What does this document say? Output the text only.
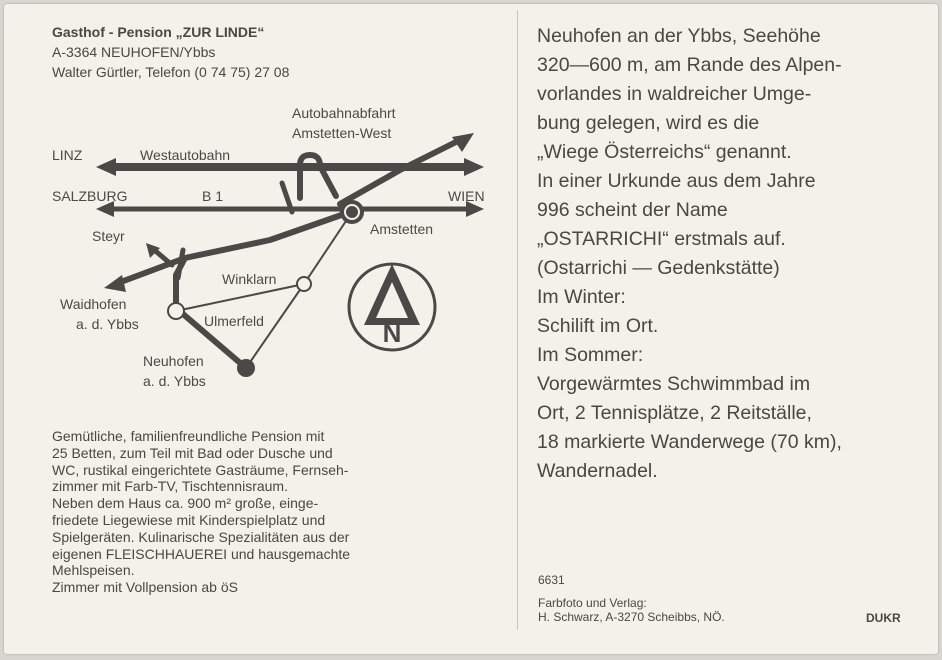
Gasthof - Pension „ZUR LINDE“
A-3364 NEUHOFEN/Ybbs
Walter Gürtler, Telefon (0 74 75) 27 08
N
LINZ	Westautobahn
Autobahnabfahrt
Amstetten-West
SALZBURG	B 1	WIEN
Amstetten
Steyr
Winklarn
Waidhofen
a. d. Ybbs	Ulmerfeld
Neuhofen
a. d. Ybbs
Gemütliche, familienfreundliche Pension mit
25 Betten, zum Teil mit Bad oder Dusche und
WC, rustikal eingerichtete Gasträume, Fernseh-
zimmer mit Farb-TV, Tischtennisraum.
Neben dem Haus ca. 900 m² große, einge-
friedete Liegewiese mit Kinderspielplatz und
Spielgeräten. Kulinarische Spezialitäten aus der
eigenen FLEISCHHAUEREI und hausgemachte
Mehlspeisen.
Zimmer mit Vollpension ab öS
Neuhofen an der Ybbs, Seehöhe
320—600 m, am Rande des Alpen-
vorlandes in waldreicher Umge-
bung gelegen, wird es die
„Wiege Österreichs“ genannt.
In einer Urkunde aus dem Jahre
996 scheint der Name
„OSTARRICHI“ erstmals auf.
(Ostarrichi — Gedenkstätte)
Im Winter:
Schilift im Ort.
Im Sommer:
Vorgewärmtes Schwimmbad im
Ort, 2 Tennisplätze, 2 Reitställe,
18 markierte Wanderwege (70 km),
Wandernadel.
6631
Farbfoto und Verlag:
H. Schwarz, A-3270 Scheibbs, NÖ.	DUKR
